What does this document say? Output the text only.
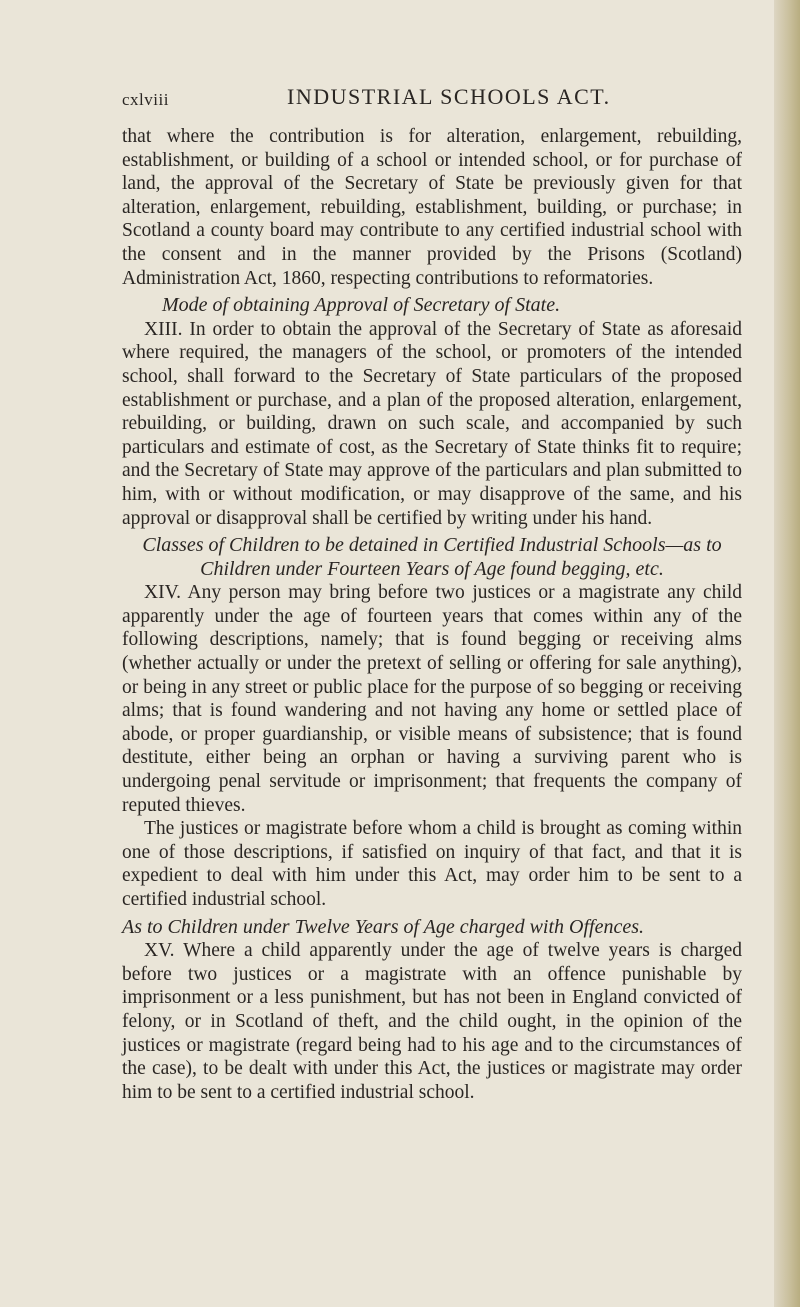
cxlviii	INDUSTRIAL SCHOOLS ACT.

that where the contribution is for alteration, enlargement, rebuilding, establishment, or building of a school or intended school, or for purchase of land, the approval of the Secretary of State be previously given for that alteration, enlargement, rebuilding, establishment, building, or purchase; in Scotland a county board may contribute to any certified industrial school with the consent and in the manner provided by the Prisons (Scotland) Administration Act, 1860, respecting contributions to reformatories.

Mode of obtaining Approval of Secretary of State.

XIII. In order to obtain the approval of the Secretary of State as aforesaid where required, the managers of the school, or promoters of the intended school, shall forward to the Secretary of State particulars of the proposed establishment or purchase, and a plan of the proposed alteration, enlargement, rebuilding, or building, drawn on such scale, and accompanied by such particulars and estimate of cost, as the Secretary of State thinks fit to require; and the Secretary of State may approve of the particulars and plan submitted to him, with or without modification, or may disapprove of the same, and his approval or disapproval shall be certified by writing under his hand.

Classes of Children to be detained in Certified Industrial Schools—as to Children under Fourteen Years of Age found begging, etc.

XIV. Any person may bring before two justices or a magistrate any child apparently under the age of fourteen years that comes within any of the following descriptions, namely; that is found begging or receiving alms (whether actually or under the pretext of selling or offering for sale anything), or being in any street or public place for the purpose of so begging or receiving alms; that is found wandering and not having any home or settled place of abode, or proper guardianship, or visible means of subsistence; that is found destitute, either being an orphan or having a surviving parent who is undergoing penal servitude or imprisonment; that frequents the company of reputed thieves.

The justices or magistrate before whom a child is brought as coming within one of those descriptions, if satisfied on inquiry of that fact, and that it is expedient to deal with him under this Act, may order him to be sent to a certified industrial school.

As to Children under Twelve Years of Age charged with Offences.

XV. Where a child apparently under the age of twelve years is charged before two justices or a magistrate with an offence punishable by imprisonment or a less punishment, but has not been in England convicted of felony, or in Scotland of theft, and the child ought, in the opinion of the justices or magistrate (regard being had to his age and to the circumstances of the case), to be dealt with under this Act, the justices or magistrate may order him to be sent to a certified industrial school.
